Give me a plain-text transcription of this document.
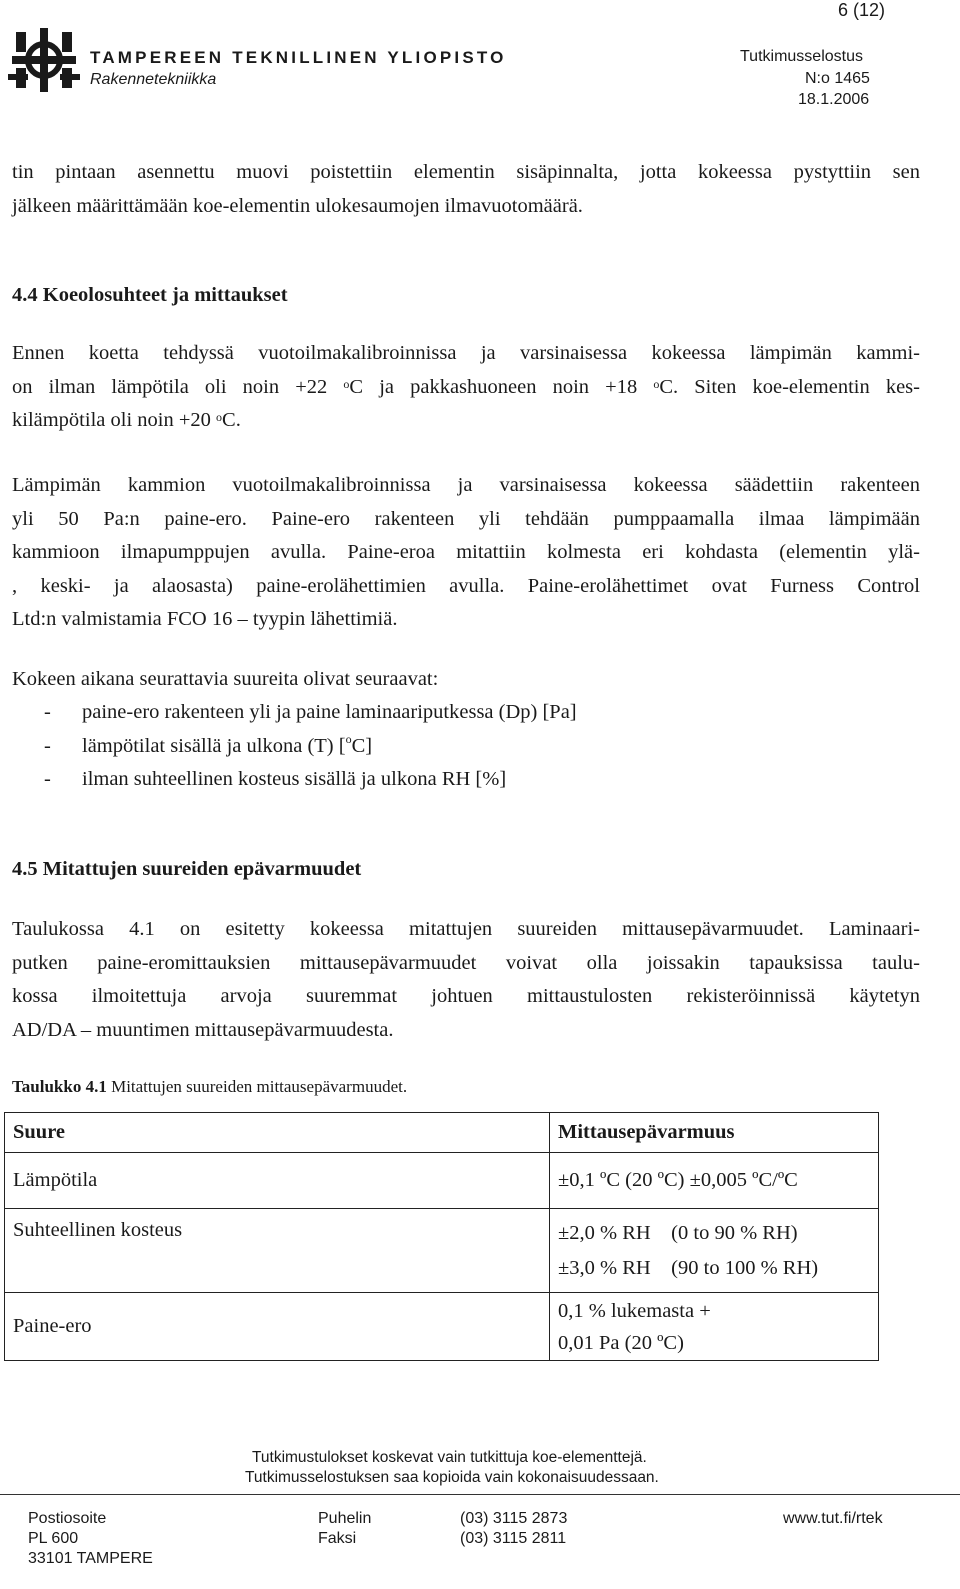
6 (12)
TAMPEREEN TEKNILLINEN YLIOPISTO
Rakennetekniikka
Tutkimusselostus
N:o 1465
18.1.2006
tin pintaan asennettu muovi poistettiin elementin sisäpinnalta, jotta kokeessa pystyttiin sen
jälkeen määrittämään koe-elementin ulokesaumojen ilmavuotomäärä.
4.4 Koeolosuhteet ja mittaukset
Ennen koetta tehdyssä vuotoilmakalibroinnissa ja varsinaisessa kokeessa lämpimän kammi-
on ilman lämpötila oli noin +22 $^o$C ja pakkashuoneen noin +18 $^o$C. Siten koe-elementin kes-
kilämpötila oli noin +20 $^o$C.
Lämpimän kammion vuotoilmakalibroinnissa ja varsinaisessa kokeessa säädettiin rakenteen
yli 50 Pa:n paine-ero. Paine-ero rakenteen yli tehdään pumppaamalla ilmaa lämpimään
kammioon ilmapumppujen avulla. Paine-eroa mitattiin kolmesta eri kohdasta (elementin ylä-
, keski- ja alaosasta) paine-erolähettimien avulla. Paine-erolähettimet ovat Furness Control
Ltd:n valmistamia FCO 16 – tyypin lähettimiä.
Kokeen aikana seurattavia suureita olivat seuraavat:
- paine-ero rakenteen yli ja paine laminaariputkessa (Dp) [Pa]
- lämpötilat sisällä ja ulkona (T) [$^o$C]
- ilman suhteellinen kosteus sisällä ja ulkona RH [%]
4.5 Mitattujen suureiden epävarmuudet
Taulukossa 4.1 on esitetty kokeessa mitattujen suureiden mittausepävarmuudet. Laminaari-
putken paine-eromittauksien mittausepävarmuudet voivat olla joissakin tapauksissa taulu-
kossa ilmoitettuja arvoja suuremmat johtuen mittaustulosten rekisteröinnissä käytetyn
AD/DA – muuntimen mittausepävarmuudesta.
Taulukko 4.1 Mitattujen suureiden mittausepävarmuudet.
Suure	Mittausepävarmuus
Lämpötila	±0,1 ºC (20 ºC) ±0,005 ºC/ºC
Suhteellinen kosteus	±2,0 % RH    (0 to 90 % RH)
±3,0 % RH    (90 to 100 % RH)

Paine-ero	0,1 % lukemasta +
0,01 Pa (20 ºC)
Tutkimustulokset koskevat vain tutkittuja koe-elementtejä.
Tutkimusselostuksen saa kopioida vain kokonaisuudessaan.
Postiosoite
PL 600
33101 TAMPERE
Puhelin
Faksi
(03) 3115 2873
(03) 3115 2811
www.tut.fi/rtek
